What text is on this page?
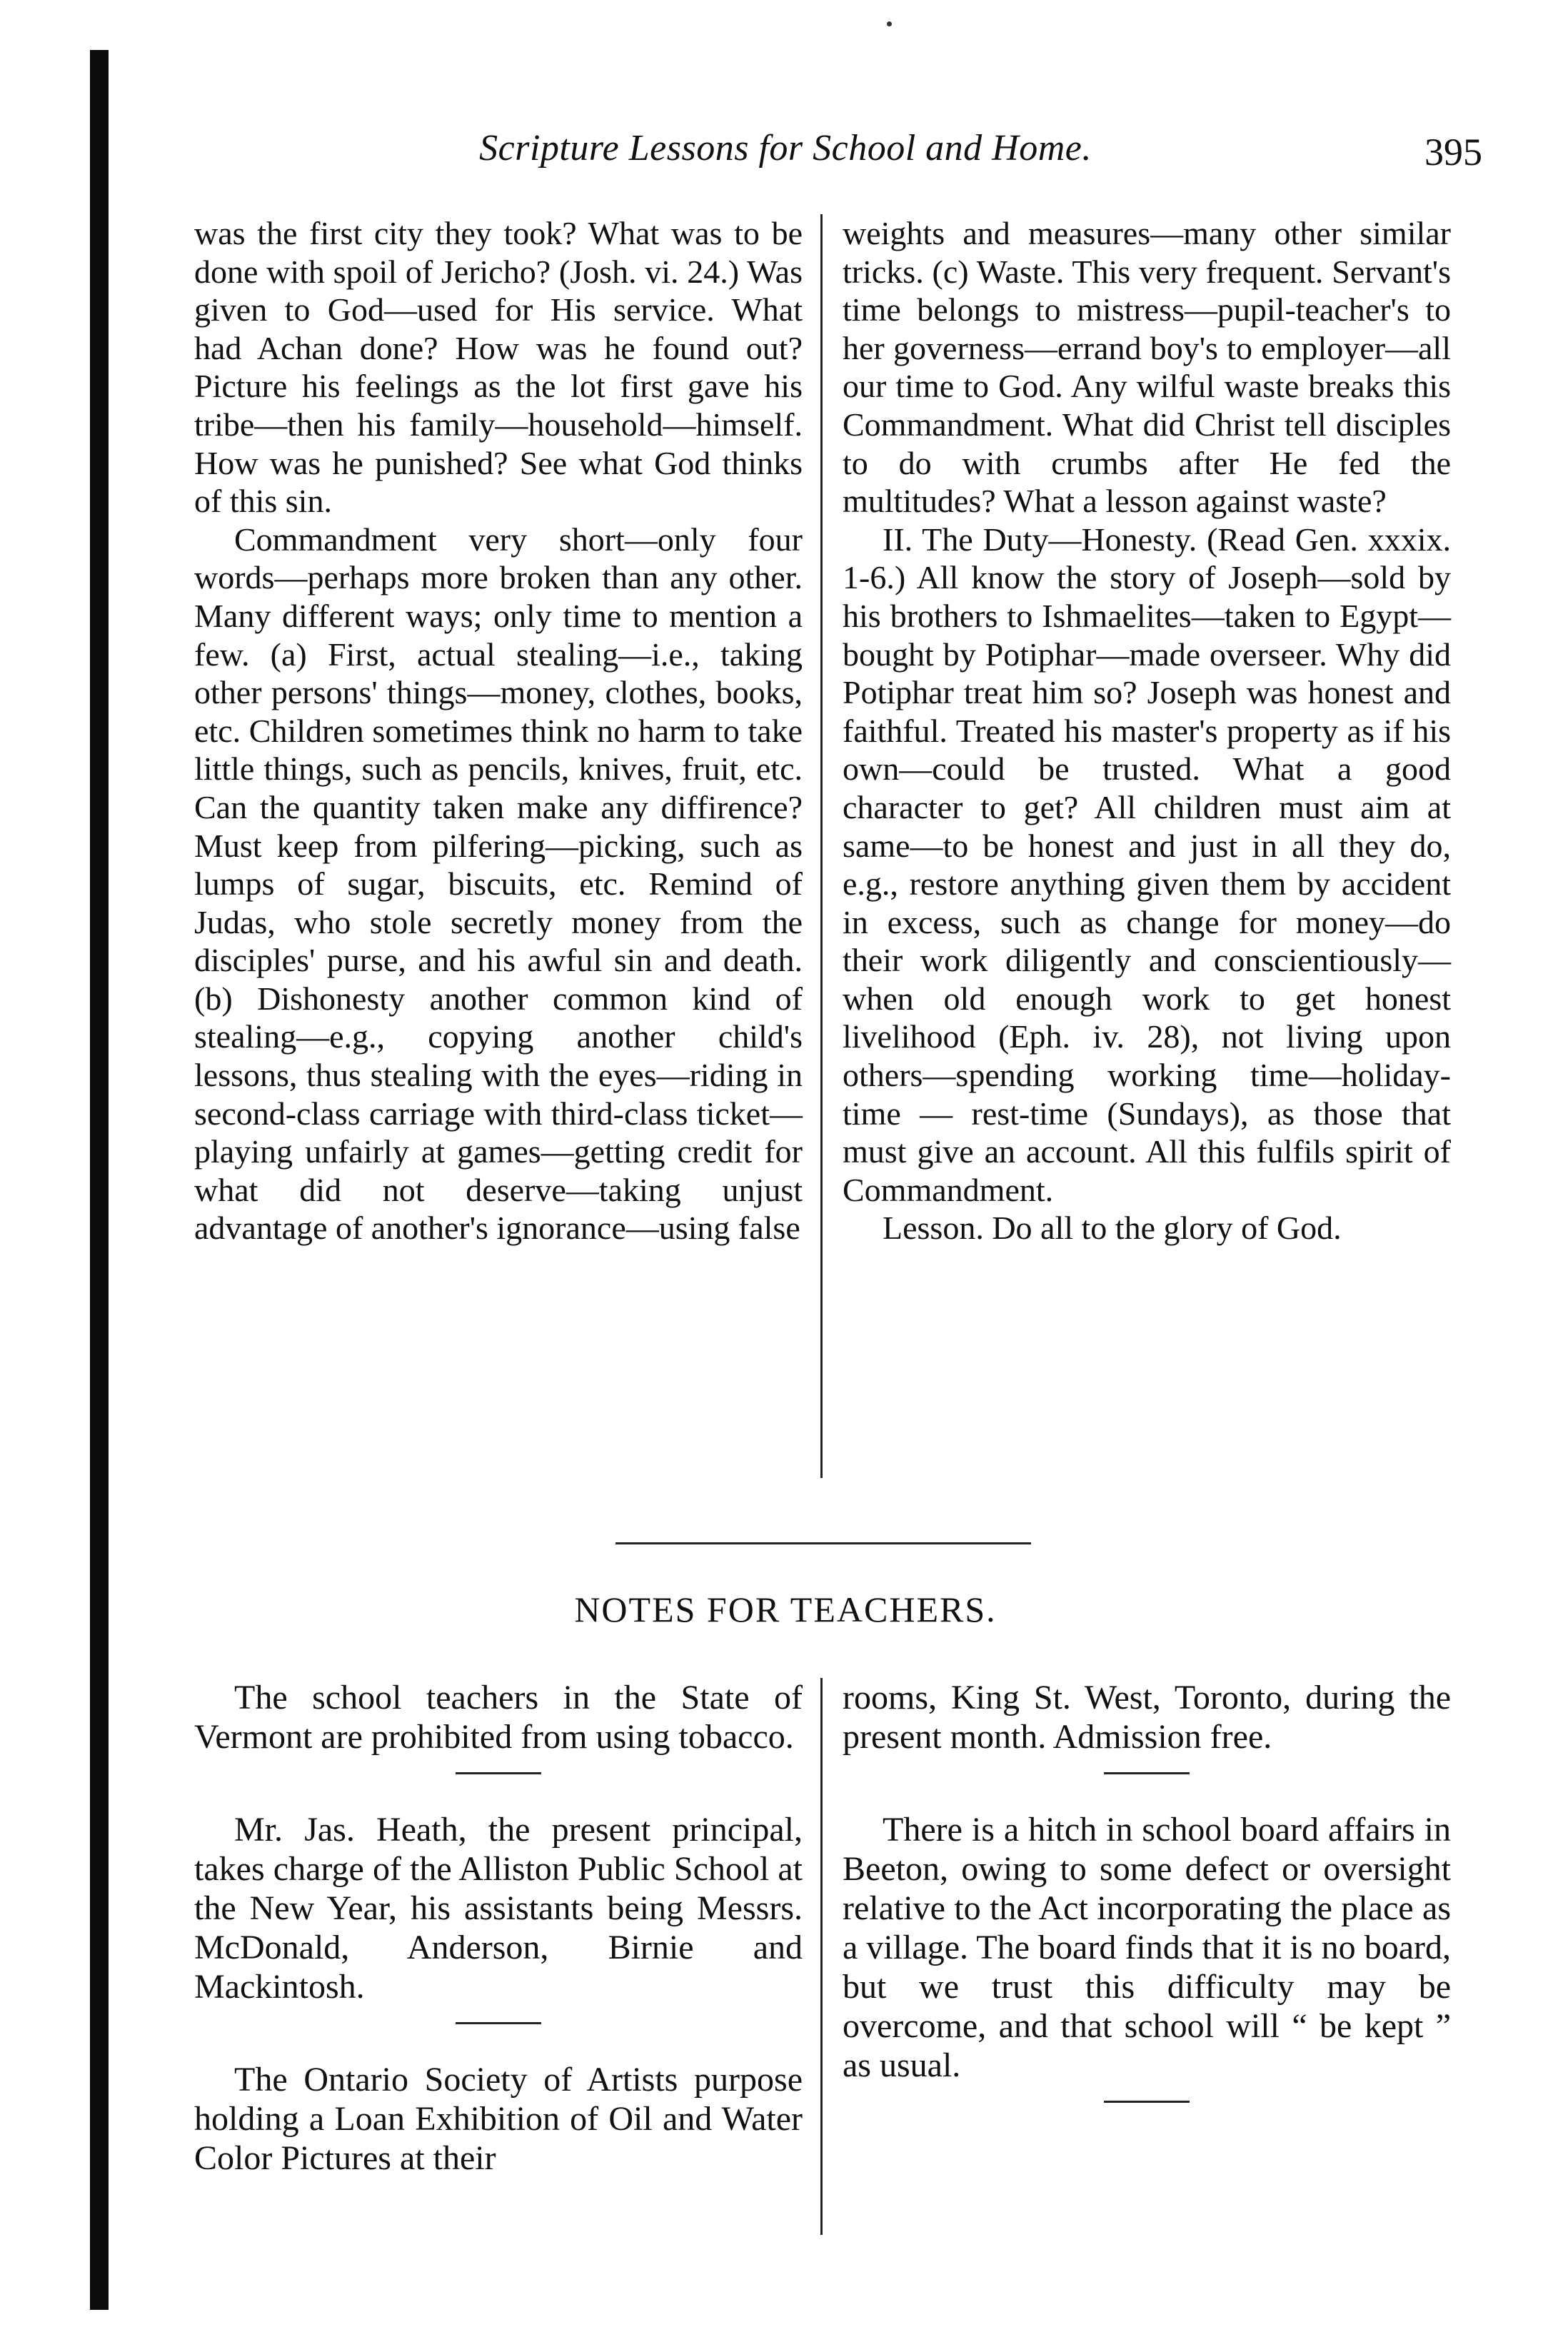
Scripture Lessons for School and Home.	395

was the first city they took? What was to be done with spoil of Jericho? (Josh. vi. 24.) Was given to God—used for His service. What had Achan done? How was he found out? Picture his feelings as the lot first gave his tribe—then his family—household—himself. How was he punished? See what God thinks of this sin.

Commandment very short—only four words—perhaps more broken than any other. Many different ways; only time to mention a few. (a) First, actual stealing—i.e., taking other persons' things—money, clothes, books, etc. Children sometimes think no harm to take little things, such as pencils, knives, fruit, etc. Can the quantity taken make any diffirence? Must keep from pilfering—picking, such as lumps of sugar, biscuits, etc. Remind of Judas, who stole secretly money from the disciples' purse, and his awful sin and death. (b) Dishonesty another common kind of stealing—e.g., copying another child's lessons, thus stealing with the eyes—riding in second-class carriage with third-class ticket—playing unfairly at games—getting credit for what did not deserve—taking unjust advantage of another's ignorance—using false

weights and measures—many other similar tricks. (c) Waste. This very frequent. Servant's time belongs to mistress—pupil-teacher's to her governess—errand boy's to employer—all our time to God. Any wilful waste breaks this Commandment. What did Christ tell disciples to do with crumbs after He fed the multitudes? What a lesson against waste?

II. The Duty—Honesty. (Read Gen. xxxix. 1-6.) All know the story of Joseph—sold by his brothers to Ishmaelites—taken to Egypt—bought by Potiphar—made overseer. Why did Potiphar treat him so? Joseph was honest and faithful. Treated his master's property as if his own—could be trusted. What a good character to get? All children must aim at same—to be honest and just in all they do, e.g., restore anything given them by accident in excess, such as change for money—do their work diligently and conscientiously—when old enough work to get honest livelihood (Eph. iv. 28), not living upon others—spending working time—holiday-time — rest-time (Sundays), as those that must give an account. All this fulfils spirit of Commandment.

Lesson. Do all to the glory of God.

NOTES FOR TEACHERS.

The school teachers in the State of Vermont are prohibited from using tobacco.

Mr. Jas. Heath, the present principal, takes charge of the Alliston Public School at the New Year, his assistants being Messrs. McDonald, Anderson, Birnie and Mackintosh.

The Ontario Society of Artists purpose holding a Loan Exhibition of Oil and Water Color Pictures at their

rooms, King St. West, Toronto, during the present month. Admission free.

There is a hitch in school board affairs in Beeton, owing to some defect or oversight relative to the Act incorporating the place as a village. The board finds that it is no board, but we trust this difficulty may be overcome, and that school will “ be kept ” as usual.
